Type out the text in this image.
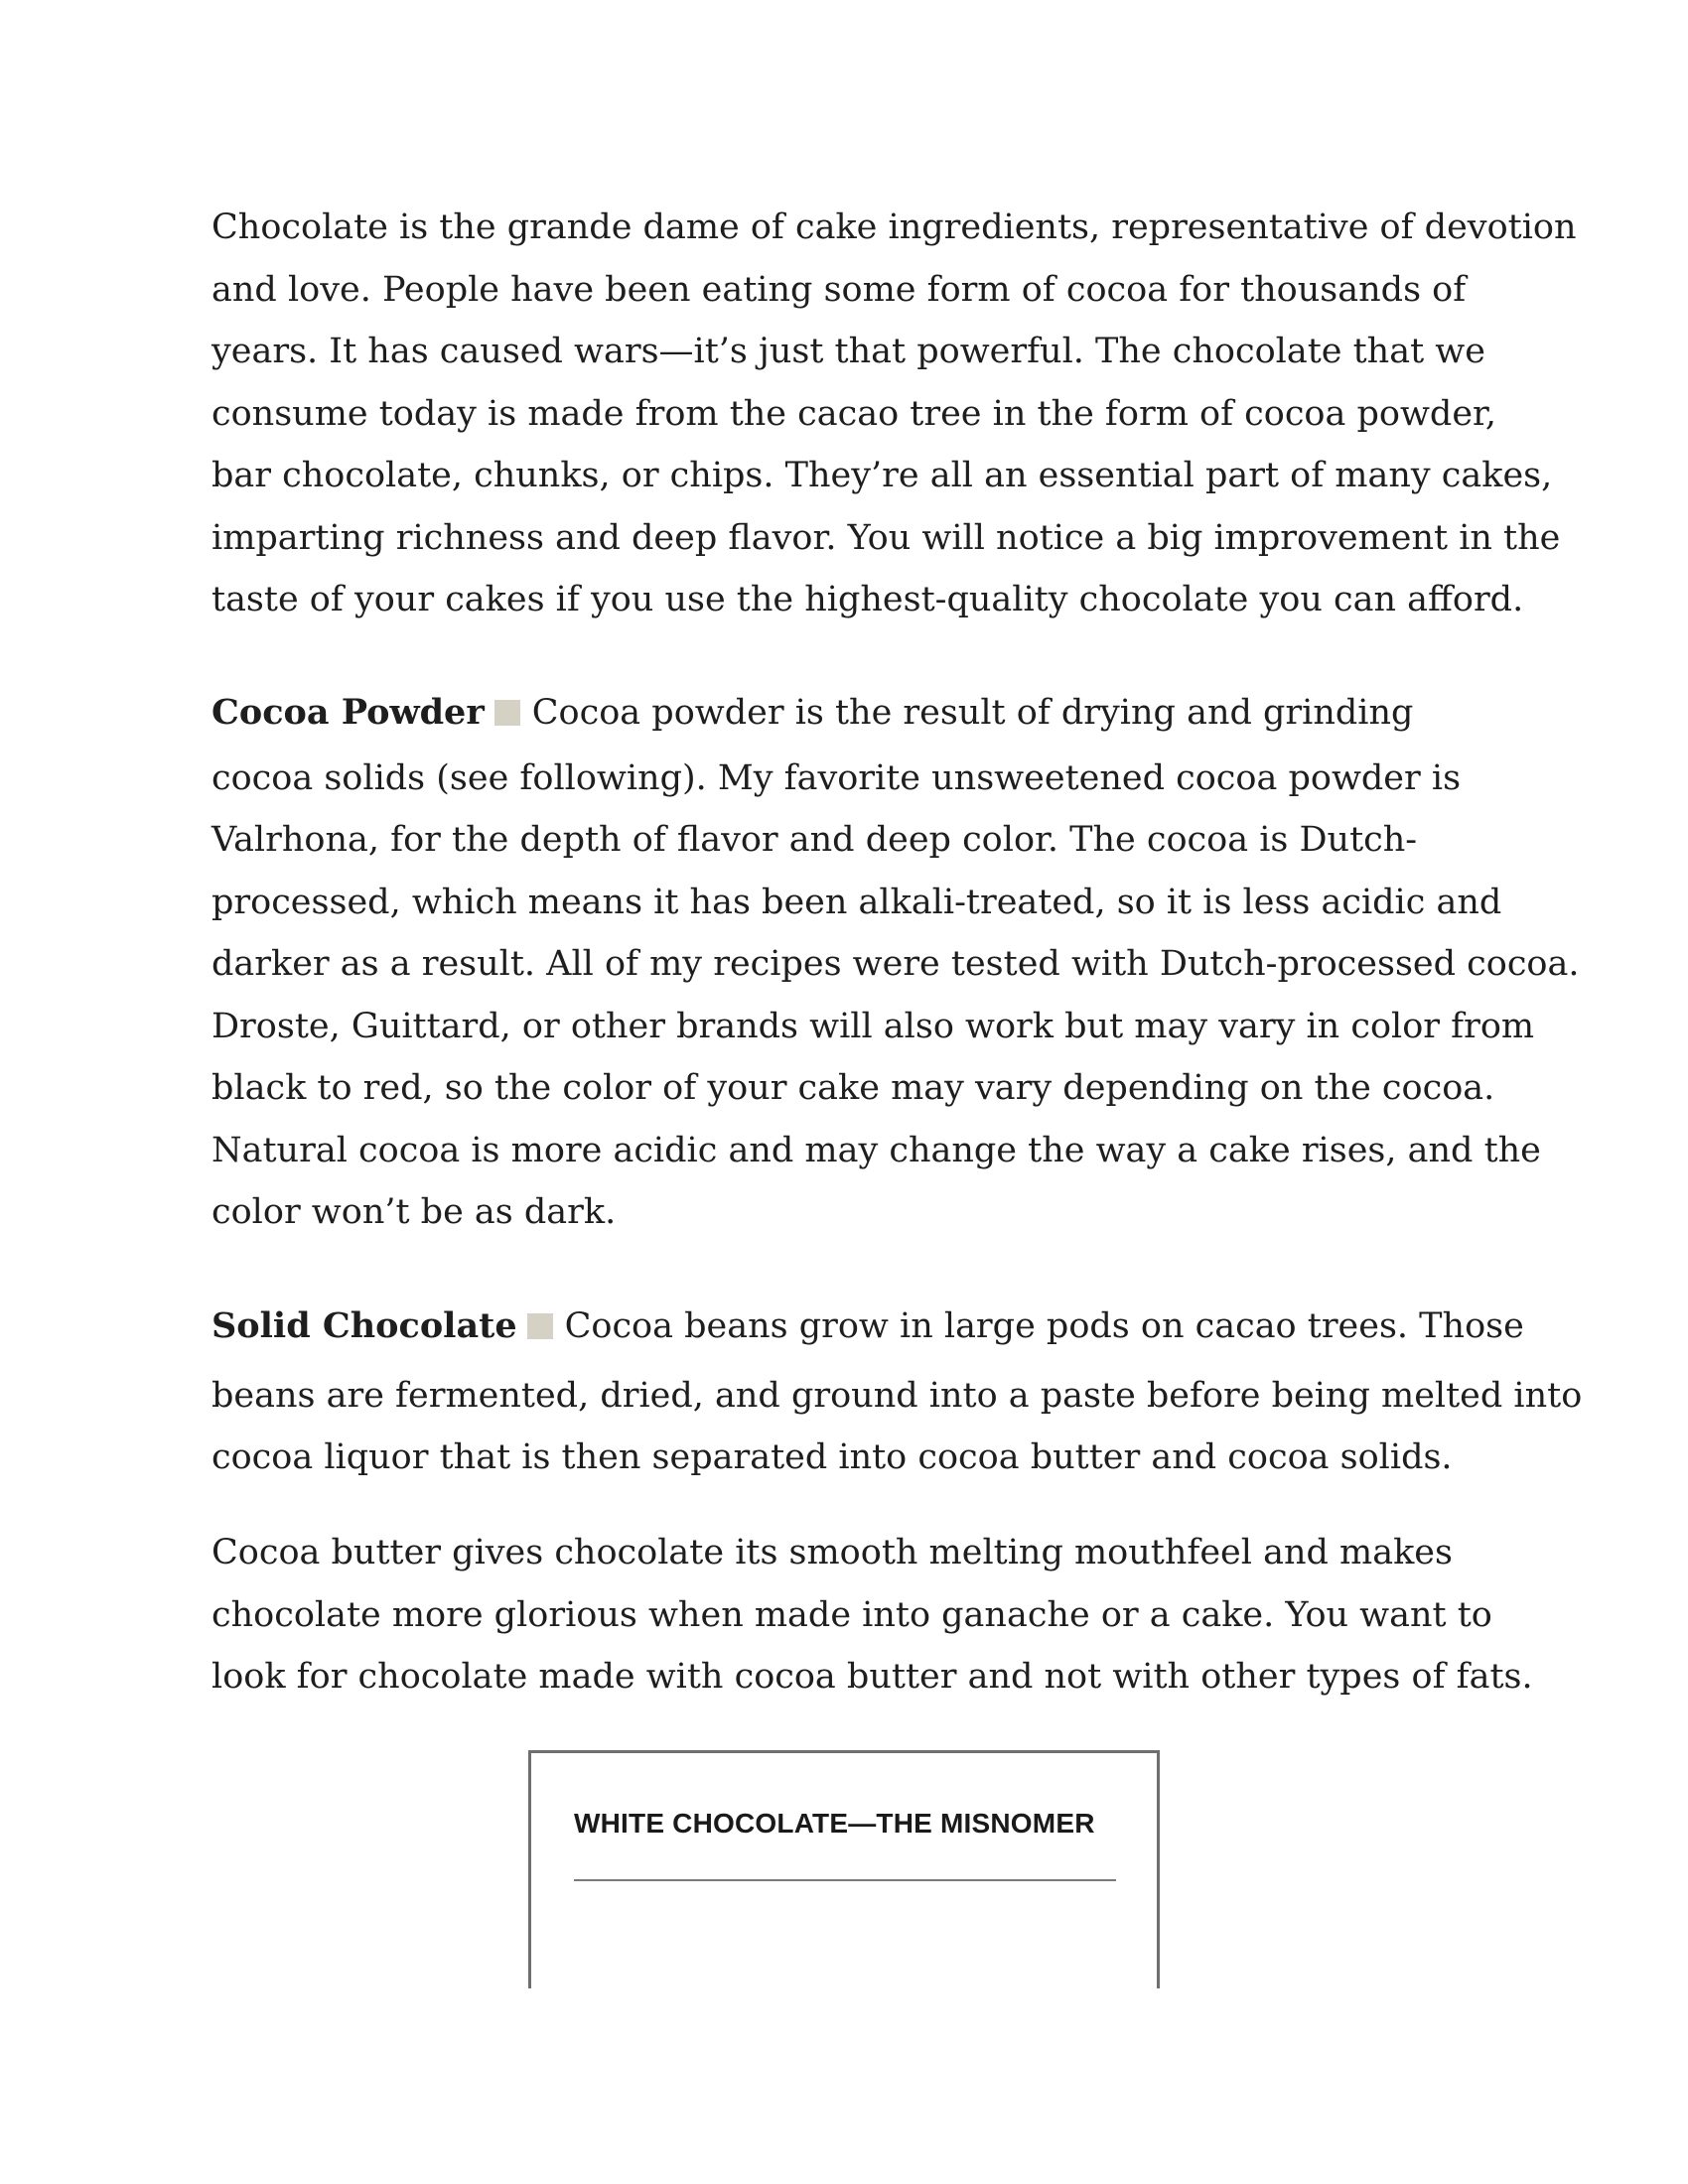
Chocolate is the grande dame of cake ingredients, representative of devotion
and love. People have been eating some form of cocoa for thousands of
years. It has caused wars—it’s just that powerful. The chocolate that we
consume today is made from the cacao tree in the form of cocoa powder,
bar chocolate, chunks, or chips. They’re all an essential part of many cakes,
imparting richness and deep flavor. You will notice a big improvement in the
taste of your cakes if you use the highest-quality chocolate you can afford.

Cocoa Powder Cocoa powder is the result of drying and grinding
cocoa solids (see following). My favorite unsweetened cocoa powder is
Valrhona, for the depth of flavor and deep color. The cocoa is Dutch-
processed, which means it has been alkali-treated, so it is less acidic and
darker as a result. All of my recipes were tested with Dutch-processed cocoa.
Droste, Guittard, or other brands will also work but may vary in color from
black to red, so the color of your cake may vary depending on the cocoa.
Natural cocoa is more acidic and may change the way a cake rises, and the
color won’t be as dark.

Solid Chocolate Cocoa beans grow in large pods on cacao trees. Those
beans are fermented, dried, and ground into a paste before being melted into
cocoa liquor that is then separated into cocoa butter and cocoa solids.

Cocoa butter gives chocolate its smooth melting mouthfeel and makes
chocolate more glorious when made into ganache or a cake. You want to
look for chocolate made with cocoa butter and not with other types of fats.

WHITE CHOCOLATE—THE MISNOMER
